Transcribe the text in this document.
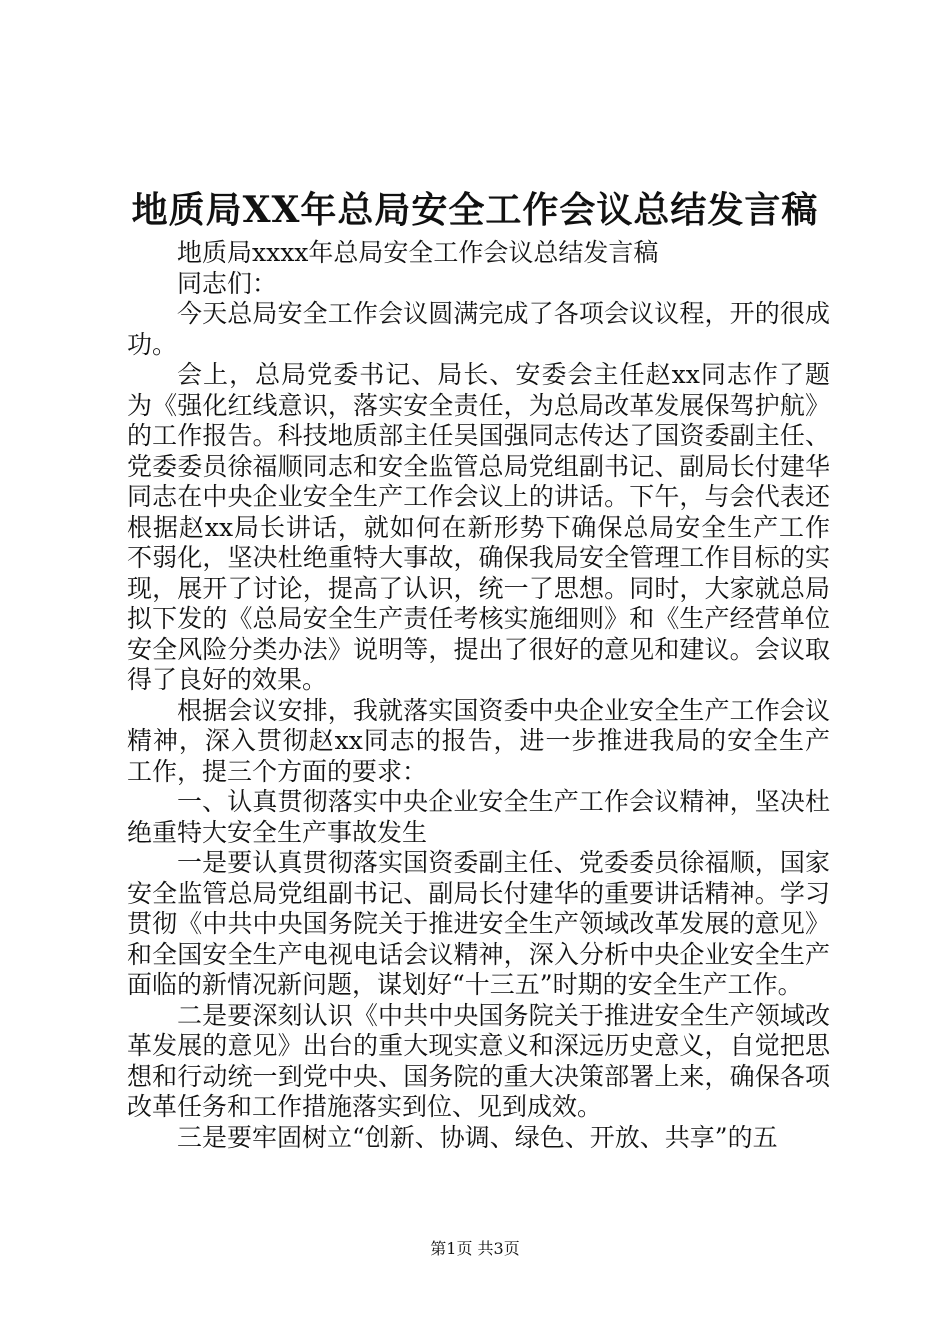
地质局XX年总局安全工作会议总结发言稿

地质局xxxx年总局安全工作会议总结发言稿

同志们：

今天总局安全工作会议圆满完成了各项会议议程，开的很成功。

会上，总局党委书记、局长、安委会主任赵xx同志作了题为《强化红线意识，落实安全责任，为总局改革发展保驾护航》的工作报告。科技地质部主任吴国强同志传达了国资委副主任、党委委员徐福顺同志和安全监管总局党组副书记、副局长付建华同志在中央企业安全生产工作会议上的讲话。下午，与会代表还根据赵xx局长讲话，就如何在新形势下确保总局安全生产工作不弱化，坚决杜绝重特大事故，确保我局安全管理工作目标的实现，展开了讨论，提高了认识，统一了思想。同时，大家就总局拟下发的《总局安全生产责任考核实施细则》和《生产经营单位安全风险分类办法》说明等，提出了很好的意见和建议。会议取得了良好的效果。

根据会议安排，我就落实国资委中央企业安全生产工作会议精神，深入贯彻赵xx同志的报告，进一步推进我局的安全生产工作，提三个方面的要求：

一、认真贯彻落实中央企业安全生产工作会议精神，坚决杜绝重特大安全生产事故发生

一是要认真贯彻落实国资委副主任、党委委员徐福顺，国家安全监管总局党组副书记、副局长付建华的重要讲话精神。学习贯彻《中共中央国务院关于推进安全生产领域改革发展的意见》和全国安全生产电视电话会议精神，深入分析中央企业安全生产面临的新情况新问题，谋划好“十三五”时期的安全生产工作。

二是要深刻认识《中共中央国务院关于推进安全生产领域改革发展的意见》出台的重大现实意义和深远历史意义，自觉把思想和行动统一到党中央、国务院的重大决策部署上来，确保各项改革任务和工作措施落实到位、见到成效。

三是要牢固树立“创新、协调、绿色、开放、共享”的五

第1页 共3页
